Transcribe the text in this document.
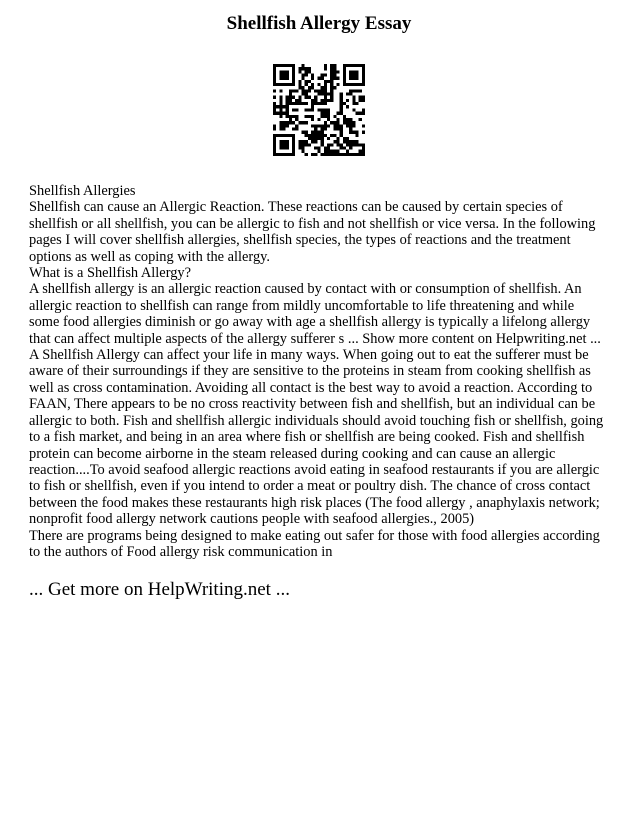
Shellfish Allergy Essay

Shellfish Allergies

Shellfish can cause an Allergic Reaction. These reactions can be caused by certain species of shellfish or all shellfish, you can be allergic to fish and not shellfish or vice versa. In the following pages I will cover shellfish allergies, shellfish species, the types of reactions and the treatment options as well as coping with the allergy.

What is a Shellfish Allergy?

A shellfish allergy is an allergic reaction caused by contact with or consumption of shellfish. An allergic reaction to shellfish can range from mildly uncomfortable to life threatening and while some food allergies diminish or go away with age a shellfish allergy is typically a lifelong allergy that can affect multiple aspects of the allergy sufferer s ... Show more content on Helpwriting.net ...

A Shellfish Allergy can affect your life in many ways. When going out to eat the sufferer must be aware of their surroundings if they are sensitive to the proteins in steam from cooking shellfish as well as cross contamination. Avoiding all contact is the best way to avoid a reaction. According to FAAN, There appears to be no cross reactivity between fish and shellfish, but an individual can be allergic to both. Fish and shellfish allergic individuals should avoid touching fish or shellfish, going to a fish market, and being in an area where fish or shellfish are being cooked. Fish and shellfish protein can become airborne in the steam released during cooking and can cause an allergic reaction....To avoid seafood allergic reactions avoid eating in seafood restaurants if you are allergic to fish or shellfish, even if you intend to order a meat or poultry dish. The chance of cross contact between the food makes these restaurants high risk places (The food allergy , anaphylaxis network; nonprofit food allergy network cautions people with seafood allergies., 2005)

There are programs being designed to make eating out safer for those with food allergies according to the authors of Food allergy risk communication in

... Get more on HelpWriting.net ...
